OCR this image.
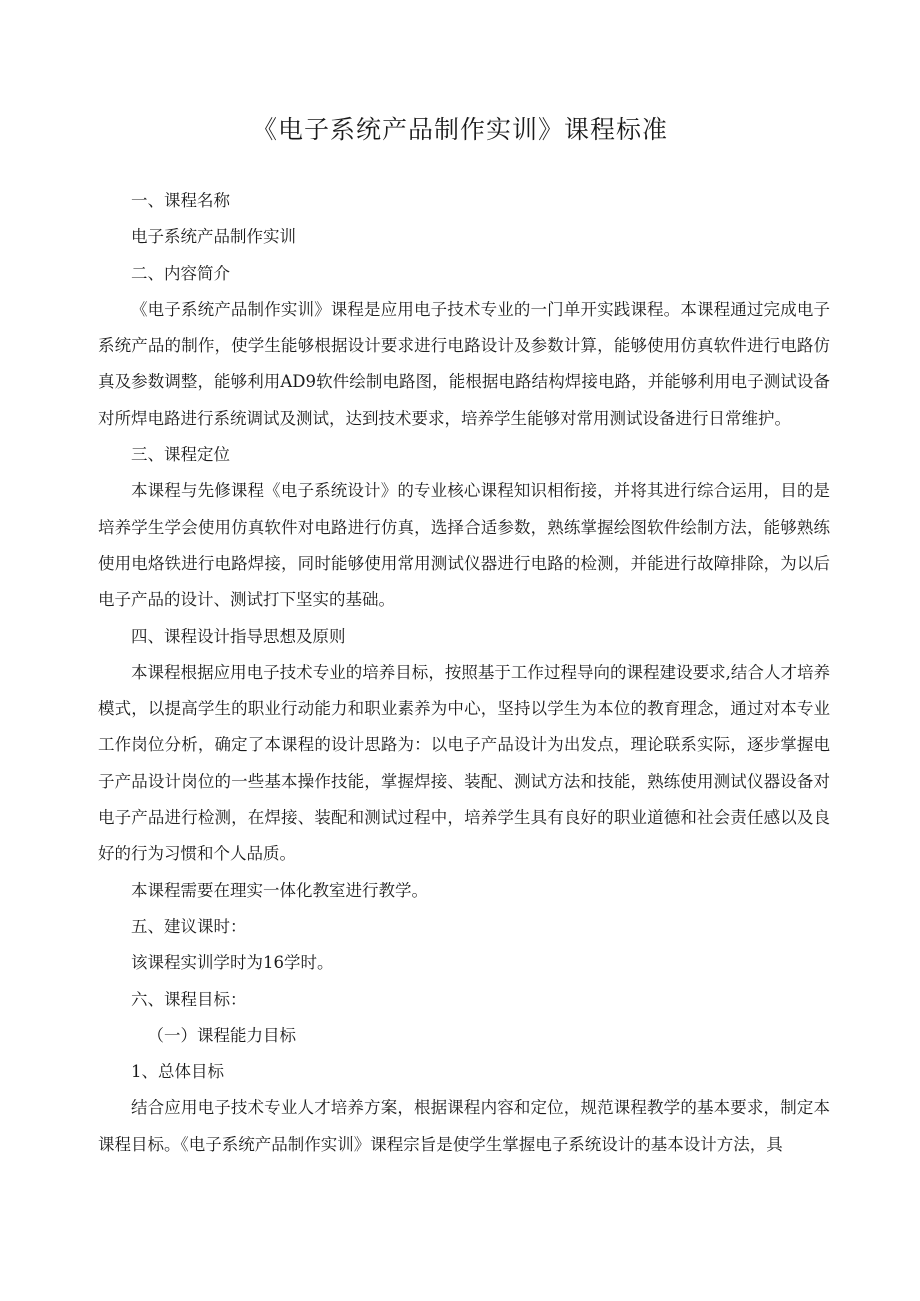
《电子系统产品制作实训》课程标准

一、课程名称

电子系统产品制作实训

二、内容简介

《电子系统产品制作实训》课程是应用电子技术专业的一门单开实践课程。本课程通过完成电子系统产品的制作，使学生能够根据设计要求进行电路设计及参数计算，能够使用仿真软件进行电路仿真及参数调整，能够利用AD9软件绘制电路图，能根据电路结构焊接电路，并能够利用电子测试设备对所焊电路进行系统调试及测试，达到技术要求，培养学生能够对常用测试设备进行日常维护。

三、课程定位

本课程与先修课程《电子系统设计》的专业核心课程知识相衔接，并将其进行综合运用，目的是培养学生学会使用仿真软件对电路进行仿真，选择合适参数，熟练掌握绘图软件绘制方法，能够熟练使用电烙铁进行电路焊接，同时能够使用常用测试仪器进行电路的检测，并能进行故障排除，为以后电子产品的设计、测试打下坚实的基础。

四、课程设计指导思想及原则

本课程根据应用电子技术专业的培养目标，按照基于工作过程导向的课程建设要求,结合人才培养模式，以提高学生的职业行动能力和职业素养为中心，坚持以学生为本位的教育理念，通过对本专业工作岗位分析，确定了本课程的设计思路为：以电子产品设计为出发点，理论联系实际，逐步掌握电子产品设计岗位的一些基本操作技能，掌握焊接、装配、测试方法和技能，熟练使用测试仪器设备对电子产品进行检测，在焊接、装配和测试过程中，培养学生具有良好的职业道德和社会责任感以及良好的行为习惯和个人品质。

本课程需要在理实一体化教室进行教学。

五、建议课时：

该课程实训学时为16学时。

六、课程目标：

（一）课程能力目标

1、总体目标

结合应用电子技术专业人才培养方案，根据课程内容和定位，规范课程教学的基本要求，制定本课程目标。《电子系统产品制作实训》课程宗旨是使学生掌握电子系统设计的基本设计方法，具
